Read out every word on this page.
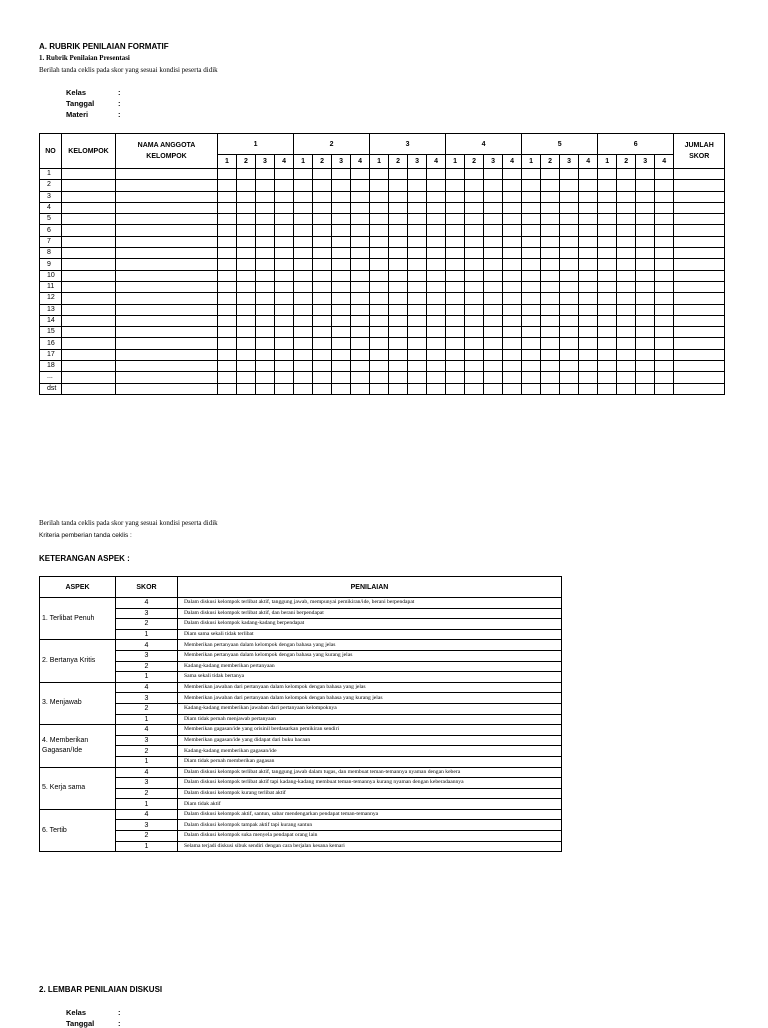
A. RUBRIK PENILAIAN FORMATIF
1. Rubrik Penilaian Presentasi
Berilah tanda ceklis pada skor yang sesuai kondisi peserta didik
Kelas	:
Tanggal	:
Materi	:
NO	KELOMPOK	NAMA ANGGOTA KELOMPOK	1				2				3				4				5				6				JUMLAH SKOR
			1	2	3	4	1	2	3	4	1	2	3	4	1	2	3	4	1	2	3	4	1	2	3	4	
1																											
2																											
3																											
4																											
5																											
6																											
7																											
8																											
9																											
10																											
11																											
12																											
13																											
14																											
15																											
16																											
17																											
18																											
...																											
dst																											
Berilah tanda ceklis pada skor yang sesuai kondisi peserta didik
Kriteria pemberian tanda ceklis :
KETERANGAN ASPEK :
ASPEK	SKOR	PENILAIAN
1. Terlibat Penuh	4	Dalam diskusi kelompok terlibat aktif, tanggung jawab, mempunyai pemikiran/ide, berani berpendapat
	3	Dalam diskusi kelompok terlibat aktif, dan berani berpendapat
	2	Dalam diskusi kelompok kadang-kadang berpendapat
	1	Diam sama sekali tidak terlibat
2. Bertanya Kritis	4	Memberikan pertanyaan dalam kelompok dengan bahasa yang jelas
	3	Memberikan pertanyaan dalam kelompok dengan bahasa yang kurang jelas
	2	Kadang-kadang memberikan pertanyaan
	1	Sama sekali tidak bertanya
3. Menjawab	4	Memberikan jawaban dari pertanyaan dalam kelompok dengan bahasa yang jelas
	3	Memberikan jawaban dari pertanyaan dalam kelompok dengan bahasa yang kurang jelas
	2	Kadang-kadang memberikan jawaban dari pertanyaan kelompoknya
	1	Diam tidak pernah menjawab pertanyaan
4. Memberikan Gagasan/Ide	4	Memberikan gagasan/ide yang orisinil berdasarkan pemikiran sendiri
	3	Memberikan gagasan/ide yang didapat dari buku bacaan
	2	Kadang-kadang memberikan gagasan/ide
	1	Diam tidak pernah memberikan gagasan
5. Kerja sama	4	Dalam diskusi kelompok terlibat aktif, tanggung jawab dalam tugas, dan membuat teman-temannya nyaman dengan kebera
	3	Dalam diskusi kelompok terlibat aktif tapi kadang-kadang membuat teman-temannya kurang nyaman dengan keberadaannya
	2	Dalam diskusi kelompok kurang terlibat aktif
	1	Diam tidak aktif
6. Tertib	4	Dalam diskusi kelompok aktif, santun, sabar mendengarkan pendapat teman-temannya
	3	Dalam diskusi kelompok tampak aktif tapi kurang santun
	2	Dalam diskusi kelompok suka menyela pendapat orang lain
	1	Selama terjadi diskusi sibuk sendiri dengan cara berjalan kesana kemari
2. LEMBAR PENILAIAN DISKUSI
Kelas	:
Tanggal	:
